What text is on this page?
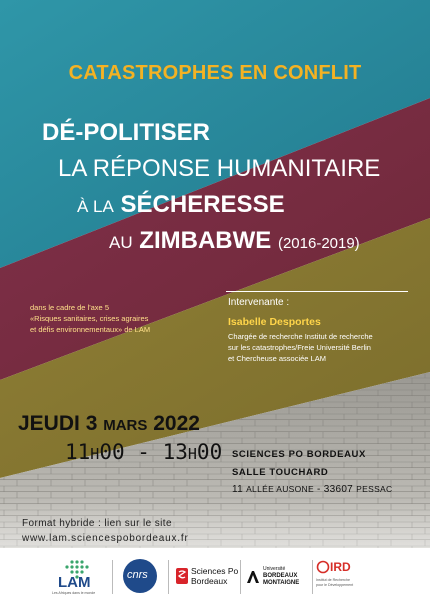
CATASTROPHES EN CONFLIT
DÉ-POLITISER
LA RÉPONSE HUMANITAIRE
À LA SÉCHERESSE
AU ZIMBABWE (2016-2019)
dans le cadre de l'axe 5
«Risques sanitaires, crises agraires
et défis environnementaux» de LAM
Intervenante :
Isabelle Desportes
Chargée de recherche Institut de recherche
sur les catastrophes/Freie Université Berlin
et Chercheuse associée LAM
JEUDI 3 MARS 2022
11H00 - 13H00 SCIENCES PO BORDEAUX
SALLE TOUCHARD
11 ALLÉE AUSONE - 33607 PESSAC
Format hybride : lien sur le site
www.lam.sciencespobordeaux.fr
LAM
Les Afriques dans le monde
cnrs	Sciences Po
Bordeaux
Université
BORDEAUX
MONTAIGNE
IRD
Institut de Recherche
pour le Développement
